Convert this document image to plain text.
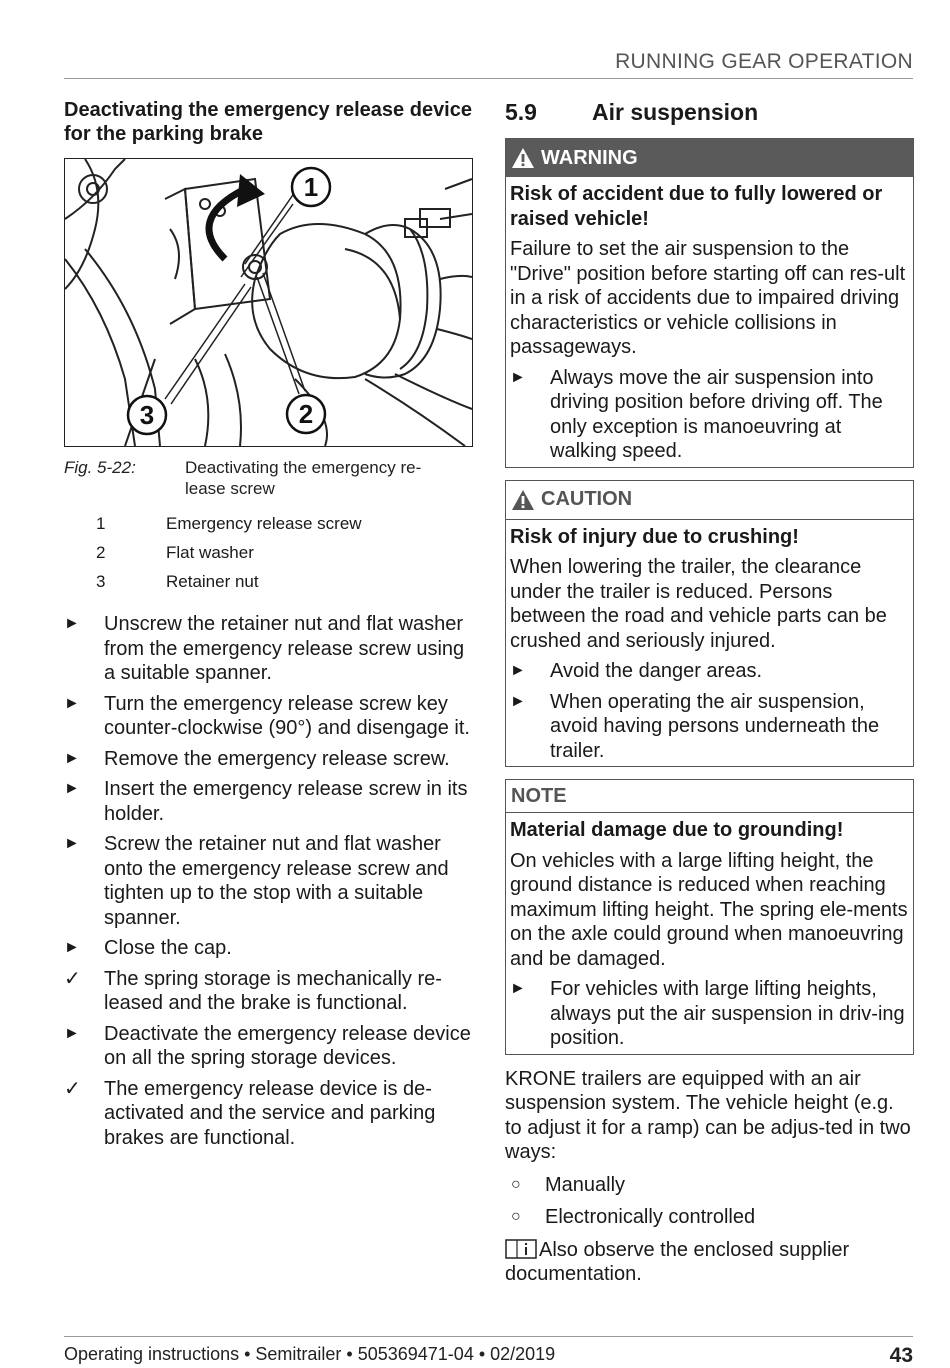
RUNNING GEAR OPERATION
Deactivating the emergency release device for the parking brake
1
2
3
Fig. 5-22:	Deactivating the emergency re-lease screw
1	Emergency release screw
2	Flat washer
3	Retainer nut
►	Unscrew the retainer nut and flat washer from the emergency release screw using a suitable spanner.
►	Turn the emergency release screw key counter-clockwise (90°) and disengage it.
►	Remove the emergency release screw.
►	Insert the emergency release screw in its holder.
►	Screw the retainer nut and flat washer onto the emergency release screw and tighten up to the stop with a suitable spanner.
►	Close the cap.
✓	The spring storage is mechanically re-leased and the brake is functional.
►	Deactivate the emergency release device on all the spring storage devices.
✓	The emergency release device is de-activated and the service and parking brakes are functional.
5.9	Air suspension
WARNING
Risk of accident due to fully lowered or raised vehicle!
Failure to set the air suspension to the "Drive" position before starting off can res-ult in a risk of accidents due to impaired driving characteristics or vehicle collisions in passageways.
►	Always move the air suspension into driving position before driving off. The only exception is manoeuvring at walking speed.
CAUTION
Risk of injury due to crushing!
When lowering the trailer, the clearance under the trailer is reduced. Persons between the road and vehicle parts can be crushed and seriously injured.
►	Avoid the danger areas.
►	When operating the air suspension, avoid having persons underneath the trailer.
NOTE
Material damage due to grounding!
On vehicles with a large lifting height, the ground distance is reduced when reaching maximum lifting height. The spring ele-ments on the axle could ground when manoeuvring and be damaged.
►	For vehicles with large lifting heights, always put the air suspension in driv-ing position.
KRONE trailers are equipped with an air suspension system. The vehicle height (e.g. to adjust it for a ramp) can be adjus-ted in two ways:
○	Manually
○	Electronically controlled
Also observe the enclosed supplier documentation.
Operating instructions • Semitrailer • 505369471-04 • 02/2019	43
